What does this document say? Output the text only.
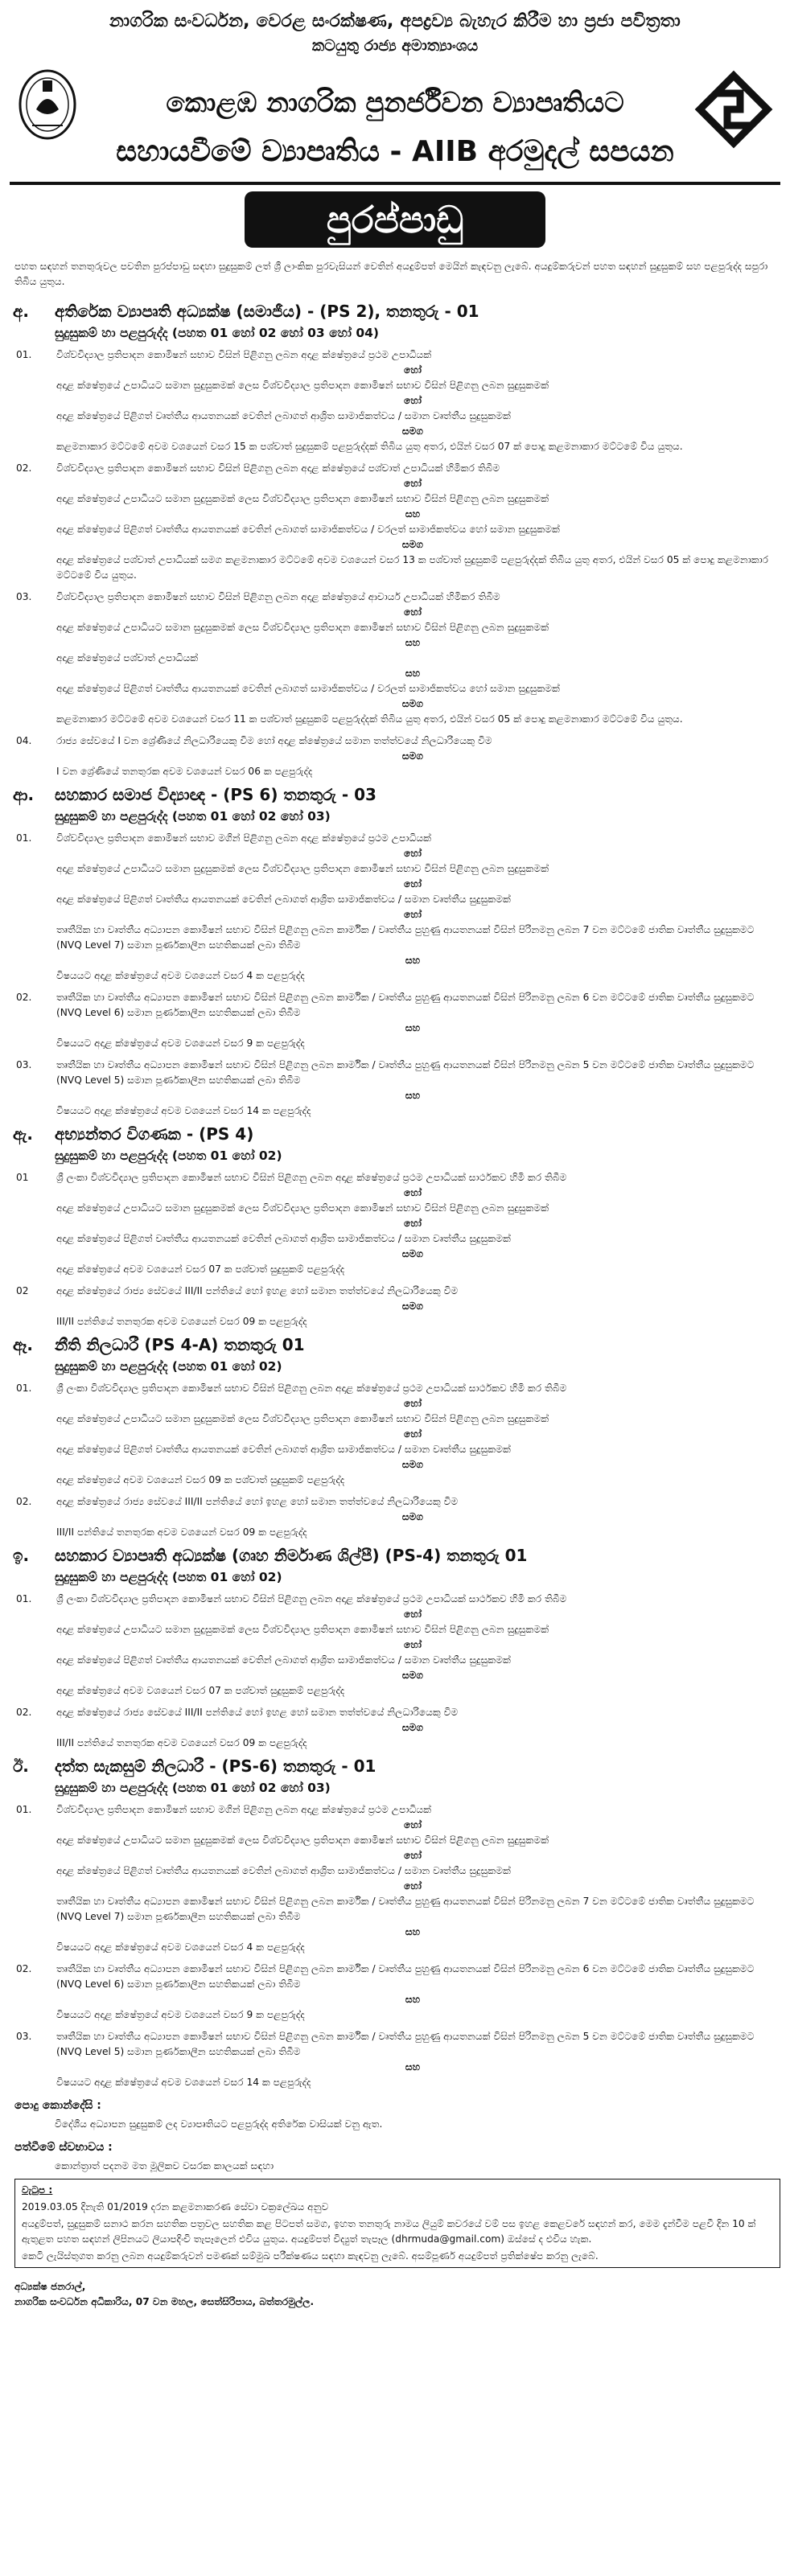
නාගරික සංවර්ධන, වෙරළ සංරක්ෂණ, අපද්‍රව්‍ය බැහැර කිරීම හා ප්‍රජා පවිත්‍රතා
කටයුතු රාජ්‍ය අමාත්‍යාංශය
කොළඹ නාගරික පුනර්ජීවන ව්‍යාපෘතියට
සහායවීමේ ව්‍යාපෘතිය - AIIB අරමුදල් සපයන
පුරප්පාඩු
පහත සඳහන් තනතුරුවල පවතින පුරප්පාඩු සඳහා සුදුසුකම් ලත් ශ්‍රී ලාංකික පුරවැසියන් වෙතින් අයදුම්පත් මෙයින් කැඳවනු ලැබේ. අයදුම්කරුවන් පහත සඳහන් සුදුසුකම් සහ පළපුරුද්ද සපුරා තිබිය යුතුය.
අ. අතිරේක ව්‍යාපෘති අධ්‍යක්ෂ (සමාජීය) - (PS 2), තනතුරු - 01
සුදුසුකම් හා පළපුරුද්ද (පහත 01 හෝ 02 හෝ 03 හෝ 04)
01.	විශ්වවිද්‍යාල ප්‍රතිපාදන කොමිෂන් සභාව විසින් පිළිගනු ලබන අදාළ ක්ෂේත්‍රයේ ප්‍රථම උපාධියක්
හෝ
අදාළ ක්ෂේත්‍රයේ උපාධියට සමාන සුදුසුකමක් ලෙස විශ්වවිද්‍යාල ප්‍රතිපාදන කොමිෂන් සභාව විසින් පිළිගනු ලබන සුදුසුකමක්
හෝ
අදාළ ක්ෂේත්‍රයේ පිළිගත් වෘත්තීය ආයතනයක් වෙතින් ලබාගත් ආශ්‍රිත සාමාජිකත්වය / සමාන වෘත්තීය සුදුසුකමක්
සමග
කළමනාකාර මට්ටමේ අවම වශයෙන් වසර 15 ක පශ්චාත් සුදුසුකම් පළපුරුද්දක් තිබිය යුතු අතර, එයින් වසර 07 ක් පොදු කළමනාකාර මට්ටමේ විය යුතුය.
02.	විශ්වවිද්‍යාල ප්‍රතිපාදන කොමිෂන් සභාව විසින් පිළිගනු ලබන අදාළ ක්ෂේත්‍රයේ පශ්චාත් උපාධියක් හිමිකර තිබීම
හෝ
අදාළ ක්ෂේත්‍රයේ උපාධියට සමාන සුදුසුකමක් ලෙස විශ්වවිද්‍යාල ප්‍රතිපාදන කොමිෂන් සභාව විසින් පිළිගනු ලබන සුදුසුකමක්
සහ
අදාළ ක්ෂේත්‍රයේ පිළිගත් වෘත්තීය ආයතනයක් වෙතින් ලබාගත් සාමාජිකත්වය / වරලත් සාමාජිකත්වය හෝ සමාන සුදුසුකමක්
සමග
අදාළ ක්ෂේත්‍රයේ පශ්චාත් උපාධියක් සමග කළමනාකාර මට්ටමේ අවම වශයෙන් වසර 13 ක පශ්චාත් සුදුසුකම් පළපුරුද්දක් තිබිය යුතු අතර, එයින් වසර 05 ක් පොදු කළමනාකාර මට්ටමේ විය යුතුය.
03.	විශ්වවිද්‍යාල ප්‍රතිපාදන කොමිෂන් සභාව විසින් පිළිගනු ලබන අදාළ ක්ෂේත්‍රයේ ආචාර්ය උපාධියක් හිමිකර තිබීම
හෝ
අදාළ ක්ෂේත්‍රයේ උපාධියට සමාන සුදුසුකමක් ලෙස විශ්වවිද්‍යාල ප්‍රතිපාදන කොමිෂන් සභාව විසින් පිළිගනු ලබන සුදුසුකමක්
සහ
අදාළ ක්ෂේත්‍රයේ පශ්චාත් උපාධියක්
සහ
අදාළ ක්ෂේත්‍රයේ පිළිගත් වෘත්තීය ආයතනයක් වෙතින් ලබාගත් සාමාජිකත්වය / වරලත් සාමාජිකත්වය හෝ සමාන සුදුසුකමක්
සමග
කළමනාකාර මට්ටමේ අවම වශයෙන් වසර 11 ක පශ්චාත් සුදුසුකම් පළපුරුද්දක් තිබිය යුතු අතර, එයින් වසර 05 ක් පොදු කළමනාකාර මට්ටමේ විය යුතුය.
04.	රාජ්‍ය සේවයේ I වන ශ්‍රේණියේ නිලධාරියෙකු විම හෝ අදාළ ක්ෂේත්‍රයේ සමාන තත්ත්වයේ නිලධාරියෙකු විම
සමග
I වන ශ්‍රේණියේ තනතුරක අවම වශයෙන් වසර 06 ක පළපුරුද්ද
ආ. සහකාර සමාජ විද්‍යාඥ - (PS 6) තනතුරු - 03
සුදුසුකම් හා පළපුරුද්ද (පහත 01 හෝ 02 හෝ 03)
01.	විශ්වවිද්‍යාල ප්‍රතිපාදන කොමිෂන් සභාව මගින් පිළිගනු ලබන අදාළ ක්ෂේත්‍රයේ ප්‍රථම උපාධියක්
හෝ
අදාළ ක්ෂේත්‍රයේ උපාධියට සමාන සුදුසුකමක් ලෙස විශ්වවිද්‍යාල ප්‍රතිපාදන කොමිෂන් සභාව විසින් පිළිගනු ලබන සුදුසුකමක්
හෝ
අදාළ ක්ෂේත්‍රයේ පිළිගත් වෘත්තීය ආයතනයක් වෙතින් ලබාගත් ආශ්‍රිත සාමාජිකත්වය / සමාන වෘත්තීය සුදුසුකමක්
හෝ
තෘතීයික හා වෘත්තීය අධ්‍යාපන කොමිෂන් සභාව විසින් පිළිගනු ලබන කාර්මික / වෘත්තීය පුහුණු ආයතනයක් විසින් පිරිනමනු ලබන 7 වන මට්ටමේ ජාතික වෘත්තීය සුදුසුකමට (NVQ Level 7) සමාන පූර්ණකාලීන සහතිකයක් ලබා තිබීම
සහ
විෂයයට අදාළ ක්ෂේත්‍රයේ අවම වශයෙන් වසර 4 ක පළපුරුද්ද
02.	තෘතීයික හා වෘත්තීය අධ්‍යාපන කොමිෂන් සභාව විසින් පිළිගනු ලබන කාර්මික / වෘත්තීය පුහුණු ආයතනයක් විසින් පිරිනමනු ලබන 6 වන මට්ටමේ ජාතික වෘත්තීය සුදුසුකමට (NVQ Level 6) සමාන පූර්ණකාලීන සහතිකයක් ලබා තිබීම
සහ
විෂයයට අදාළ ක්ෂේත්‍රයේ අවම වශයෙන් වසර 9 ක පළපුරුද්ද
03.	තෘතීයික හා වෘත්තීය අධ්‍යාපන කොමිෂන් සභාව විසින් පිළිගනු ලබන කාර්මික / වෘත්තීය පුහුණු ආයතනයක් විසින් පිරිනමනු ලබන 5 වන මට්ටමේ ජාතික වෘත්තීය සුදුසුකමට (NVQ Level 5) සමාන පූර්ණකාලීන සහතිකයක් ලබා තිබීම
සහ
විෂයයට අදාළ ක්ෂේත්‍රයේ අවම වශයෙන් වසර 14 ක පළපුරුද්ද
ඇ. අභ්‍යන්තර විගණක - (PS 4)
සුදුසුකම් හා පළපුරුද්ද (පහත 01 හෝ 02)
01	ශ්‍රී ලංකා විශ්වවිද්‍යාල ප්‍රතිපාදන කොමිෂන් සභාව විසින් පිළිගනු ලබන අදාළ ක්ෂේත්‍රයේ ප්‍රථම උපාධියක් සාර්ථකව හිමි කර තිබීම
හෝ
අදාළ ක්ෂේත්‍රයේ උපාධියට සමාන සුදුසුකමක් ලෙස විශ්වවිද්‍යාල ප්‍රතිපාදන කොමිෂන් සභාව විසින් පිළිගනු ලබන සුදුසුකමක්
හෝ
අදාළ ක්ෂේත්‍රයේ පිළිගත් වෘත්තීය ආයතනයක් වෙතින් ලබාගත් ආශ්‍රිත සාමාජිකත්වය / සමාන වෘත්තීය සුදුසුකමක්
සමග
අදාළ ක්ෂේත්‍රයේ අවම වශයෙන් වසර 07 ක පශ්චාත් සුදුසුකම් පළපුරුද්ද
02	අදාළ ක්ෂේත්‍රයේ රාජ්‍ය සේවයේ III/II පන්තියේ හෝ ඉහළ හෝ සමාන තත්ත්වයේ නිලධාරියෙකු විම
සමග
III/II පන්තියේ තනතුරක අවම වශයෙන් වසර 09 ක පළපුරුද්ද
ඈ. නීති නිලධාරී (PS 4-A) තනතුරු 01
සුදුසුකම් හා පළපුරුද්ද (පහත 01 හෝ 02)
01.	ශ්‍රී ලංකා විශ්වවිද්‍යාල ප්‍රතිපාදන කොමිෂන් සභාව විසින් පිළිගනු ලබන අදාළ ක්ෂේත්‍රයේ ප්‍රථම උපාධියක් සාර්ථකව හිමි කර තිබීම
හෝ
අදාළ ක්ෂේත්‍රයේ උපාධියට සමාන සුදුසුකමක් ලෙස විශ්වවිද්‍යාල ප්‍රතිපාදන කොමිෂන් සභාව විසින් පිළිගනු ලබන සුදුසුකමක්
හෝ
අදාළ ක්ෂේත්‍රයේ පිළිගත් වෘත්තීය ආයතනයක් වෙතින් ලබාගත් ආශ්‍රිත සාමාජිකත්වය / සමාන වෘත්තීය සුදුසුකමක්
සමග
අදාළ ක්ෂේත්‍රයේ අවම වශයෙන් වසර 09 ක පශ්චාත් සුදුසුකම් පළපුරුද්ද
02.	අදාළ ක්ෂේත්‍රයේ රාජ්‍ය සේවයේ III/II පන්තියේ හෝ ඉහළ හෝ සමාන තත්ත්වයේ නිලධාරියෙකු විම
සමග
III/II පන්තියේ තනතුරක අවම වශයෙන් වසර 09 ක පළපුරුද්ද
ඉ. සහකාර ව්‍යාපෘති අධ්‍යක්ෂ (ගෘහ නිර්මාණ ශිල්පී) (PS-4) තනතුරු 01
සුදුසුකම් හා පළපුරුද්ද (පහත 01 හෝ 02)
01.	ශ්‍රී ලංකා විශ්වවිද්‍යාල ප්‍රතිපාදන කොමිෂන් සභාව විසින් පිළිගනු ලබන අදාළ ක්ෂේත්‍රයේ ප්‍රථම උපාධියක් සාර්ථකව හිමි කර තිබීම
හෝ
අදාළ ක්ෂේත්‍රයේ උපාධියට සමාන සුදුසුකමක් ලෙස විශ්වවිද්‍යාල ප්‍රතිපාදන කොමිෂන් සභාව විසින් පිළිගනු ලබන සුදුසුකමක්
හෝ
අදාළ ක්ෂේත්‍රයේ පිළිගත් වෘත්තීය ආයතනයක් වෙතින් ලබාගත් ආශ්‍රිත සාමාජිකත්වය / සමාන වෘත්තීය සුදුසුකමක්
සමග
අදාළ ක්ෂේත්‍රයේ අවම වශයෙන් වසර 07 ක පශ්චාත් සුදුසුකම් පළපුරුද්ද
02.	අදාළ ක්ෂේත්‍රයේ රාජ්‍ය සේවයේ III/II පන්තියේ හෝ ඉහළ හෝ සමාන තත්ත්වයේ නිලධාරියෙකු විම
සමග
III/II පන්තියේ තනතුරක අවම වශයෙන් වසර 09 ක පළපුරුද්ද
ඊ. දත්ත සැකසුම් නිලධාරී - (PS-6) තනතුරු - 01
සුදුසුකම් හා පළපුරුද්ද (පහත 01 හෝ 02 හෝ 03)
01.	විශ්වවිද්‍යාල ප්‍රතිපාදන කොමිෂන් සභාව මගින් පිළිගනු ලබන අදාළ ක්ෂේත්‍රයේ ප්‍රථම උපාධියක්
හෝ
අදාළ ක්ෂේත්‍රයේ උපාධියට සමාන සුදුසුකමක් ලෙස විශ්වවිද්‍යාල ප්‍රතිපාදන කොමිෂන් සභාව විසින් පිළිගනු ලබන සුදුසුකමක්
හෝ
අදාළ ක්ෂේත්‍රයේ පිළිගත් වෘත්තීය ආයතනයක් වෙතින් ලබාගත් ආශ්‍රිත සාමාජිකත්වය / සමාන වෘත්තීය සුදුසුකමක්
හෝ
තෘතීයික හා වෘත්තීය අධ්‍යාපන කොමිෂන් සභාව විසින් පිළිගනු ලබන කාර්මික / වෘත්තීය පුහුණු ආයතනයක් විසින් පිරිනමනු ලබන 7 වන මට්ටමේ ජාතික වෘත්තීය සුදුසුකමට (NVQ Level 7) සමාන පූර්ණකාලීන සහතිකයක් ලබා තිබීම
සහ
විෂයයට අදාළ ක්ෂේත්‍රයේ අවම වශයෙන් වසර 4 ක පළපුරුද්ද
02.	තෘතීයික හා වෘත්තීය අධ්‍යාපන කොමිෂන් සභාව විසින් පිළිගනු ලබන කාර්මික / වෘත්තීය පුහුණු ආයතනයක් විසින් පිරිනමනු ලබන 6 වන මට්ටමේ ජාතික වෘත්තීය සුදුසුකමට (NVQ Level 6) සමාන පූර්ණකාලීන සහතිකයක් ලබා තිබීම
සහ
විෂයයට අදාළ ක්ෂේත්‍රයේ අවම වශයෙන් වසර 9 ක පළපුරුද්ද
03.	තෘතීයික හා වෘත්තීය අධ්‍යාපන කොමිෂන් සභාව විසින් පිළිගනු ලබන කාර්මික / වෘත්තීය පුහුණු ආයතනයක් විසින් පිරිනමනු ලබන 5 වන මට්ටමේ ජාතික වෘත්තීය සුදුසුකමට (NVQ Level 5) සමාන පූර්ණකාලීන සහතිකයක් ලබා තිබීම
සහ
විෂයයට අදාළ ක්ෂේත්‍රයේ අවම වශයෙන් වසර 14 ක පළපුරුද්ද
පොදු කොන්දේසි :
විදේශීය අධ්‍යාපන සුදුසුකම් ලද ව්‍යාපෘතියට පළපුරුද්ද අතිරේක වාසියක් වනු ඇත.
පත්වීමේ ස්වභාවය :
කොන්ත්‍රාත් පදනම මත මූලිකව වසරක කාලයක් සඳහා
වැටුප :
2019.03.05 දිනැති 01/2019 දරන කළමනාකරණ සේවා චක්‍රලේඛය අනුව
අයදුම්පත්, සුදුසුකම් සනාථ කරන සහතික පත්‍රවල සහතික කළ පිටපත් සමග, ඉහත තනතුරු නාමය ලියුම් කවරයේ වම් පස ඉහළ කෙළවරේ සඳහන් කර, මෙම දැන්වීම පළවී දින 10 ක් ඇතුළත පහත සඳහන් ලිපිනයට ලියාපදිංචි තැපෑලෙන් එවිය යුතුය. අයදුම්පත් විද්‍යුත් තැපෑල (dhrmuda@gmail.com) ඔස්සේ ද එවිය හැක.
කෙටි ලැයිස්තුගත කරනු ලබන අයදුම්කරුවන් පමණක් සම්මුඛ පරීක්ෂණය සඳහා කැඳවනු ලැබේ. අසම්පූර්ණ අයදුම්පත් ප්‍රතික්ෂේප කරනු ලැබේ.
අධ්‍යක්ෂ ජනරාල්,
නාගරික සංවර්ධන අධිකාරිය, 07 වන මහල, සෙත්සිරිපාය, බත්තරමුල්ල.
